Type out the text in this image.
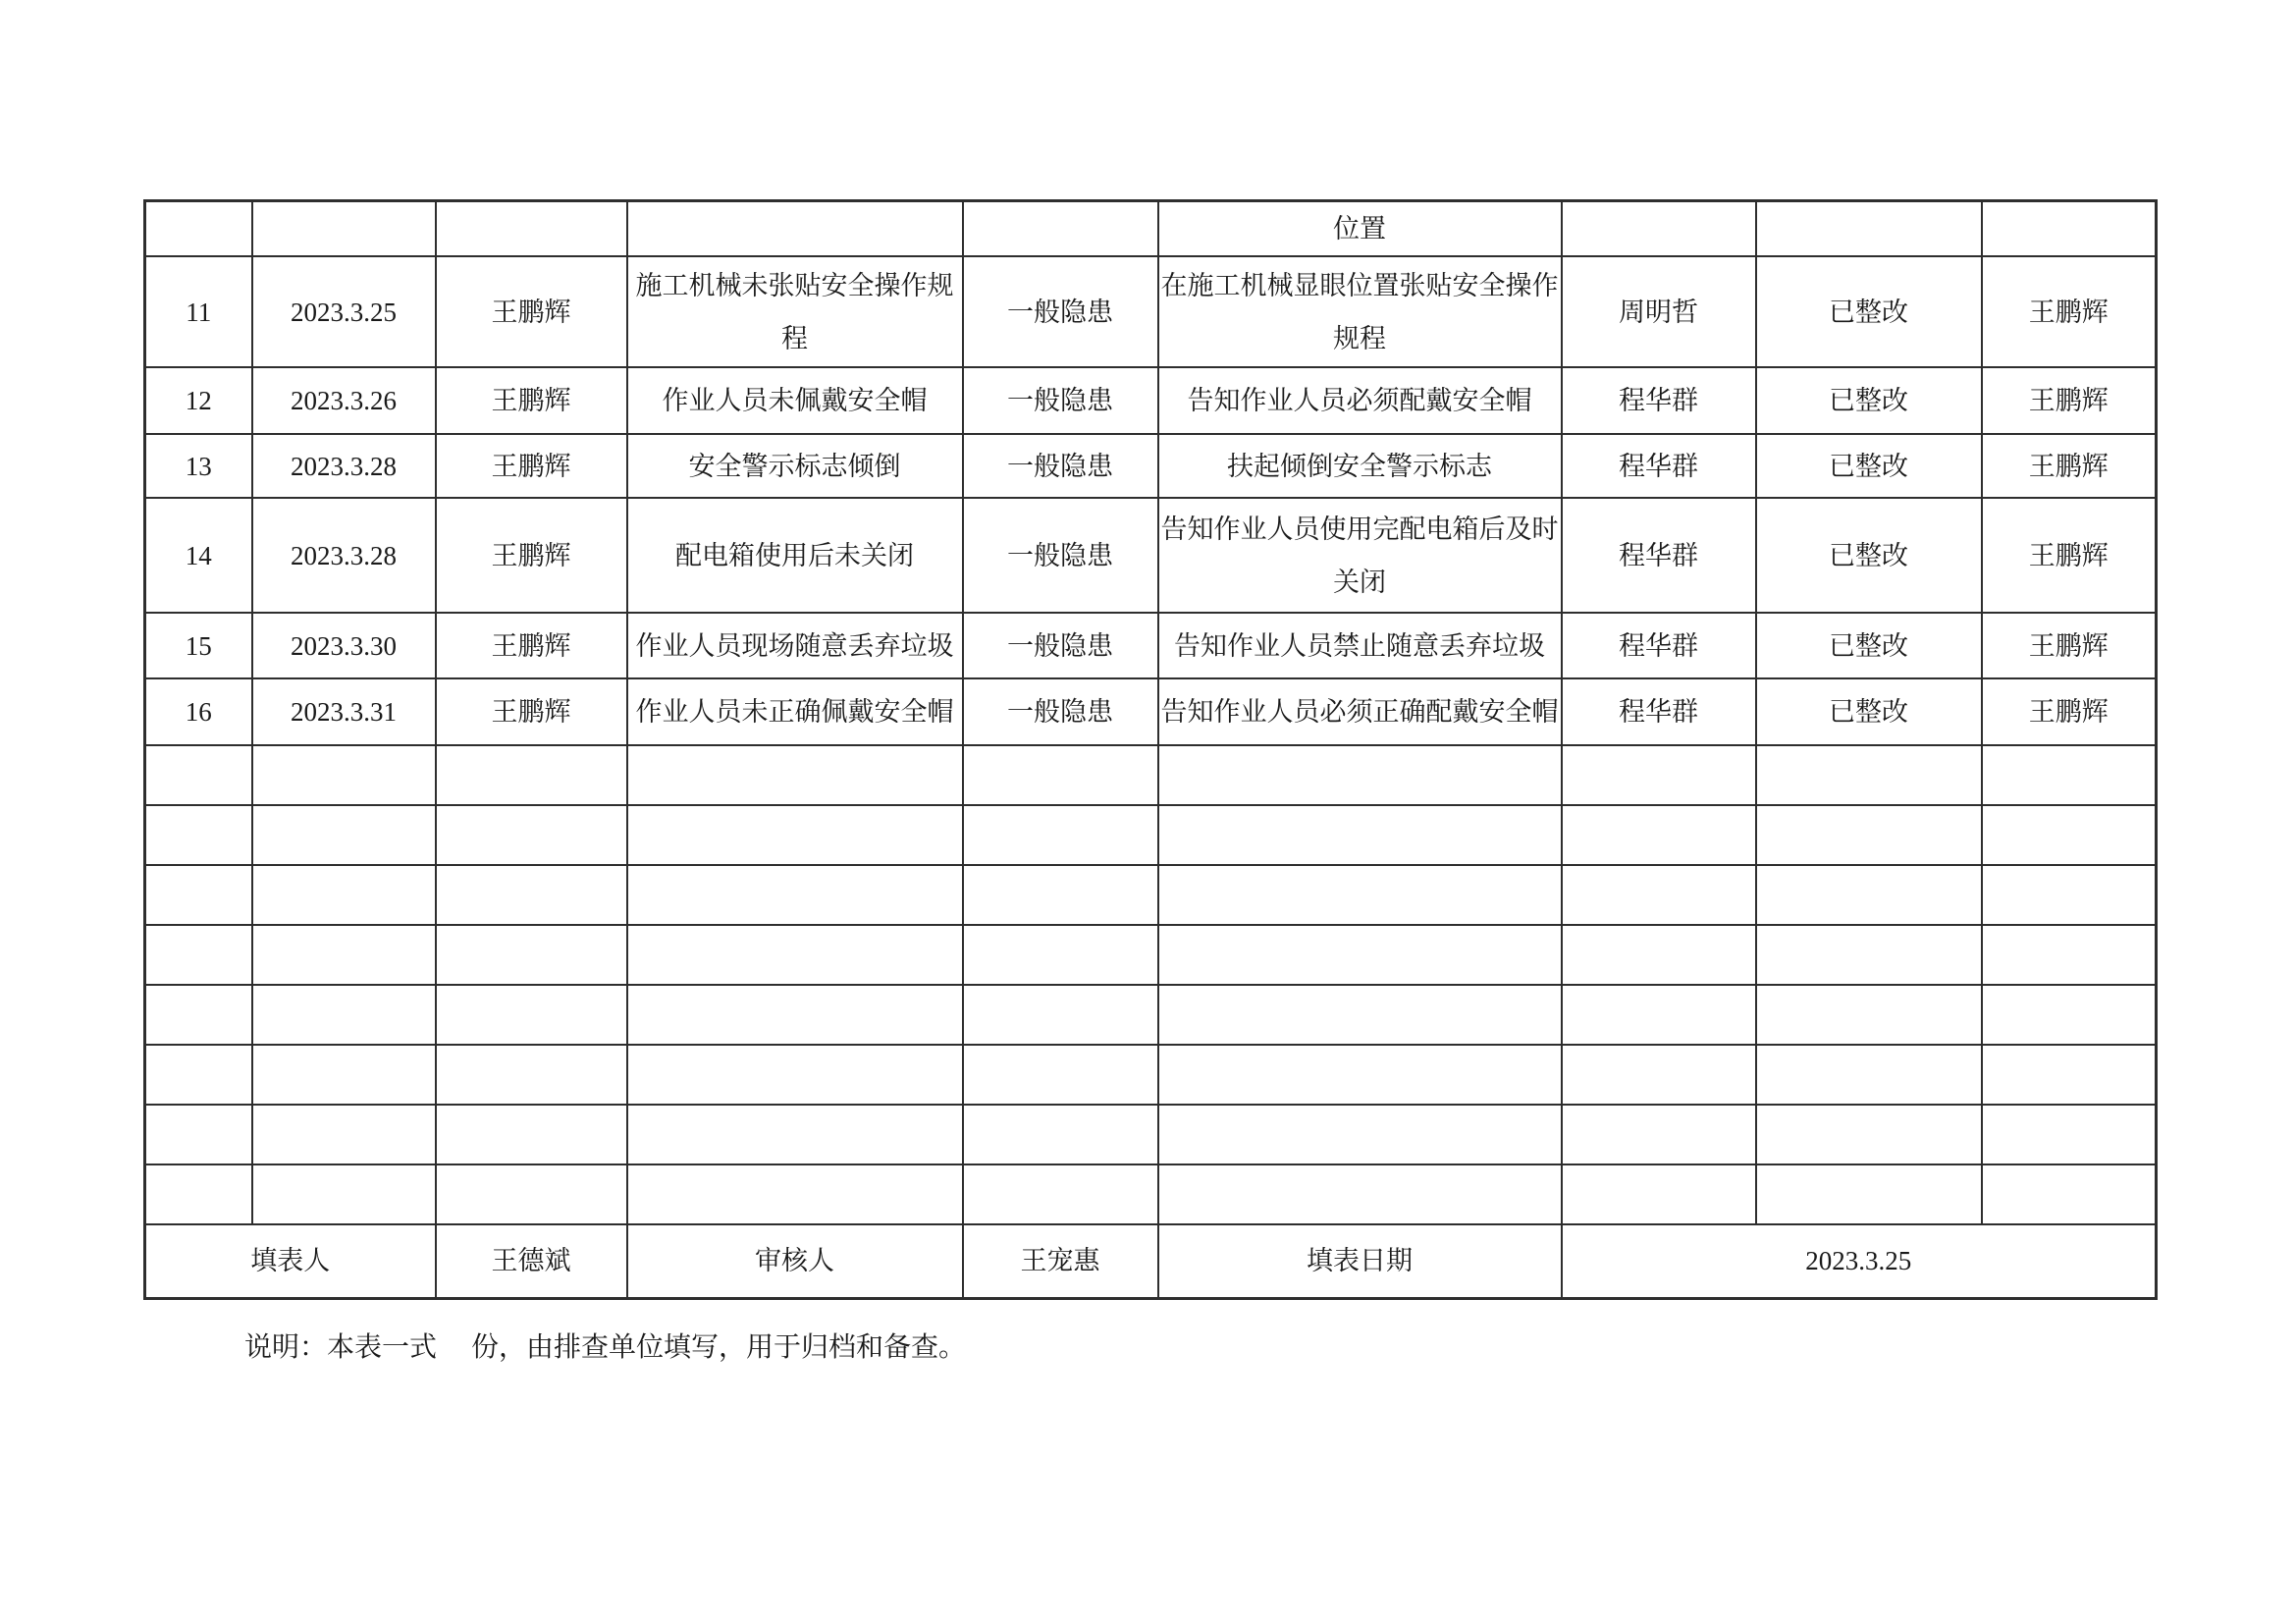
					位置			
11	2023.3.25	王鹏辉	施工机械未张贴安全操作规程	一般隐患	在施工机械显眼位置张贴安全操作规程	周明哲	已整改	王鹏辉
12	2023.3.26	王鹏辉	作业人员未佩戴安全帽	一般隐患	告知作业人员必须配戴安全帽	程华群	已整改	王鹏辉
13	2023.3.28	王鹏辉	安全警示标志倾倒	一般隐患	扶起倾倒安全警示标志	程华群	已整改	王鹏辉
14	2023.3.28	王鹏辉	配电箱使用后未关闭	一般隐患	告知作业人员使用完配电箱后及时关闭	程华群	已整改	王鹏辉
15	2023.3.30	王鹏辉	作业人员现场随意丢弃垃圾	一般隐患	告知作业人员禁止随意丢弃垃圾	程华群	已整改	王鹏辉
16	2023.3.31	王鹏辉	作业人员未正确佩戴安全帽	一般隐患	告知作业人员必须正确配戴安全帽	程华群	已整改	王鹏辉

填表人		王德斌	审核人	王宠惠	填表日期	2023.3.25		
说明：本表一式　 份，由排查单位填写，用于归档和备查。
